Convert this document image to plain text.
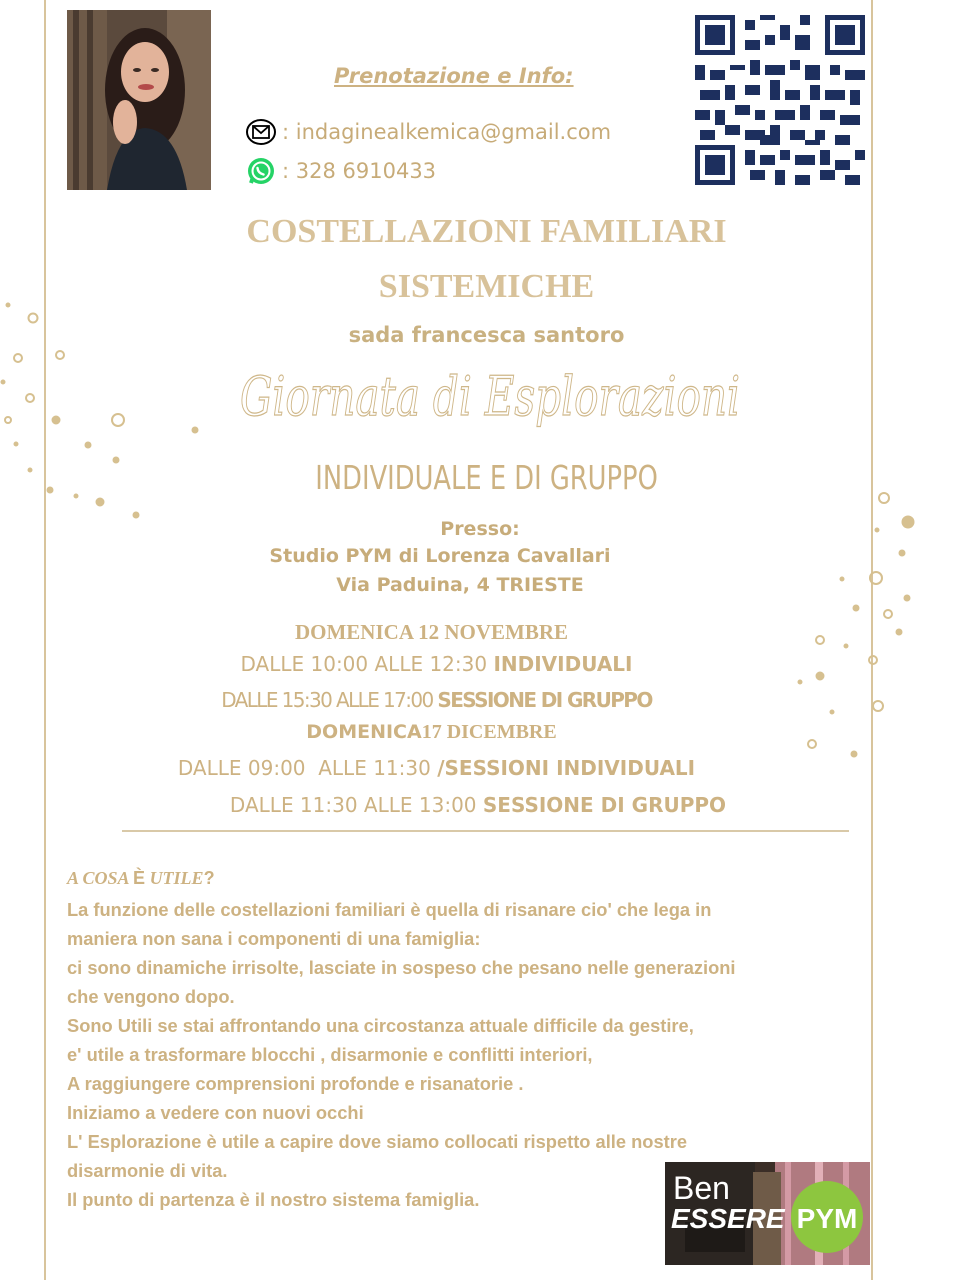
Prenotazione e Info:
: indaginealkemica@gmail.com
: 328 6910433
COSTELLAZIONI FAMILIARI
SISTEMICHE
sada francesca santoro
Giornata di Esplorazioni
INDIVIDUALE E DI GRUPPO
Presso:
Studio PYM di Lorenza Cavallari
Via Paduina, 4 TRIESTE
DOMENICA 12 NOVEMBRE
DALLE 10:00 ALLE 12:30 INDIVIDUALI
DALLE 15:30 ALLE 17:00 SESSIONE DI GRUPPO
DOMENICA17 DICEMBRE
DALLE 09:00  ALLE 11:30 /SESSIONI INDIVIDUALI
DALLE 11:30 ALLE 13:00 SESSIONE DI GRUPPO
A COSA È UTILE?
La funzione delle costellazioni familiari è quella di risanare cio' che lega in
maniera non sana i componenti di una famiglia:
ci sono dinamiche irrisolte, lasciate in sospeso che pesano nelle generazioni
che vengono dopo.
Sono Utili se stai affrontando una circostanza attuale difficile da gestire,
e' utile a trasformare blocchi , disarmonie e conflitti interiori,
A raggiungere comprensioni profonde e risanatorie .
Iniziamo a vedere con nuovi occhi
L' Esplorazione è utile a capire dove siamo collocati rispetto alle nostre
disarmonie di vita.
Il punto di partenza è il nostro sistema famiglia.	Ben
ESSERE PYM
